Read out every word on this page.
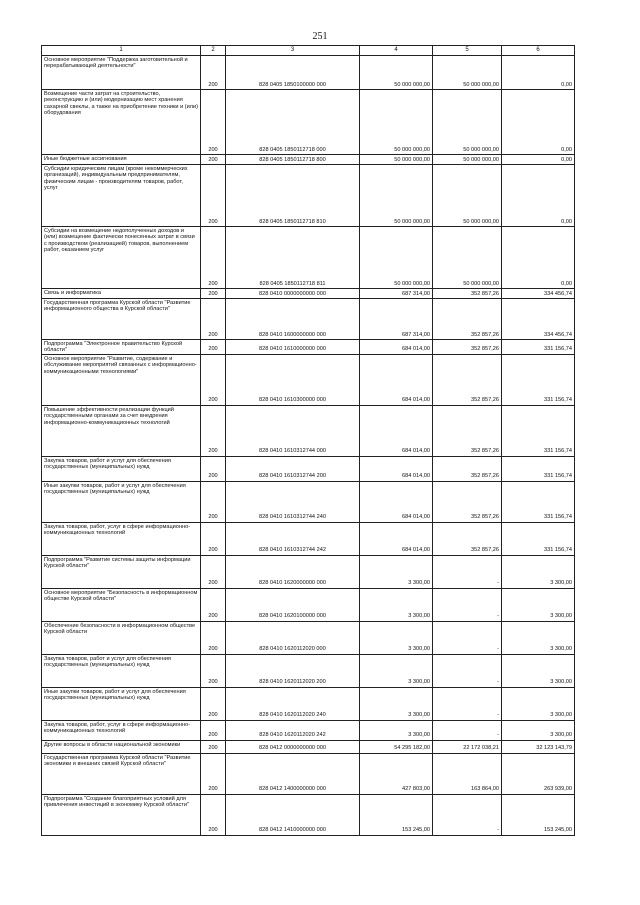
251
1	2	3	4	5	6
Основное мероприятие "Поддержка заготовительной и перерабатывающей деятельности"	200	828 0405 1850100000 000	50 000 000,00	50 000 000,00	0,00
Возмещение части затрат на строительство, реконструкцию и (или) модернизацию мест хранения сахарной свеклы, а также на приобретение техники и (или) оборудования	200	828 0405 1850112718 000	50 000 000,00	50 000 000,00	0,00
Иные бюджетные ассигнования	200	828 0405 1850112718 800	50 000 000,00	50 000 000,00	0,00
Субсидии юридическим лицам (кроме некоммерческих организаций), индивидуальным предпринимателям, физическим лицам - производителям товаров, работ, услуг	200	828 0405 1850112718 810	50 000 000,00	50 000 000,00	0,00
Субсидии на возмещение недополученных доходов и (или) возмещение фактически понесенных затрат в связи с производством (реализацией) товаров, выполнением работ, оказанием услуг	200	828 0405 1850112718 811	50 000 000,00	50 000 000,00	0,00
Связь и информатика	200	828 0410 0000000000 000	687 314,00	352 857,26	334 456,74
Государственная программа Курской области "Развитие информационного общества в Курской области"	200	828 0410 1600000000 000	687 314,00	352 857,26	334 456,74
Подпрограмма "Электронное правительство Курской области"	200	828 0410 1610000000 000	684 014,00	352 857,26	331 156,74
Основное мероприятие "Развитие, содержание и обслуживание мероприятий связанных с информационно-коммуникационными технологиями"	200	828 0410 1610300000 000	684 014,00	352 857,26	331 156,74
Повышение эффективности реализации функций государственными органами за счет внедрения информационно-коммуникационных технологий	200	828 0410 1610312744 000	684 014,00	352 857,26	331 156,74
Закупка товаров, работ и услуг для обеспечения государственных (муниципальных) нужд	200	828 0410 1610312744 200	684 014,00	352 857,26	331 156,74
Иные закупки товаров, работ и услуг для обеспечения государственных (муниципальных) нужд	200	828 0410 1610312744 240	684 014,00	352 857,26	331 156,74
Закупка товаров, работ, услуг в сфере информационно-коммуникационных технологий	200	828 0410 1610312744 242	684 014,00	352 857,26	331 156,74
Подпрограмма "Развитие системы защиты информации Курской области"	200	828 0410 1620000000 000	3 300,00	-	3 300,00
Основное мероприятие "Безопасность в информационном обществе Курской области"	200	828 0410 1620100000 000	3 300,00	-	3 300,00
Обеспечение безопасности в информационном обществе Курской области	200	828 0410 1620112020 000	3 300,00	-	3 300,00
Закупка товаров, работ и услуг для обеспечения государственных (муниципальных) нужд	200	828 0410 1620112020 200	3 300,00	-	3 300,00
Иные закупки товаров, работ и услуг для обеспечения государственных (муниципальных) нужд	200	828 0410 1620112020 240	3 300,00	-	3 300,00
Закупка товаров, работ, услуг в сфере информационно-коммуникационных технологий	200	828 0410 1620112020 242	3 300,00	-	3 300,00
Другие вопросы в области национальной экономики	200	828 0412 0000000000 000	54 295 182,00	22 172 038,21	32 123 143,79
Государственная программа Курской области "Развитие экономики и внешних связей Курской области"	200	828 0412 1400000000 000	427 803,00	163 864,00	263 939,00
Подпрограмма "Создание благоприятных условий для привлечения инвестиций в экономику Курской области"	200	828 0412 1410000000 000	153 245,00	-	153 245,00
